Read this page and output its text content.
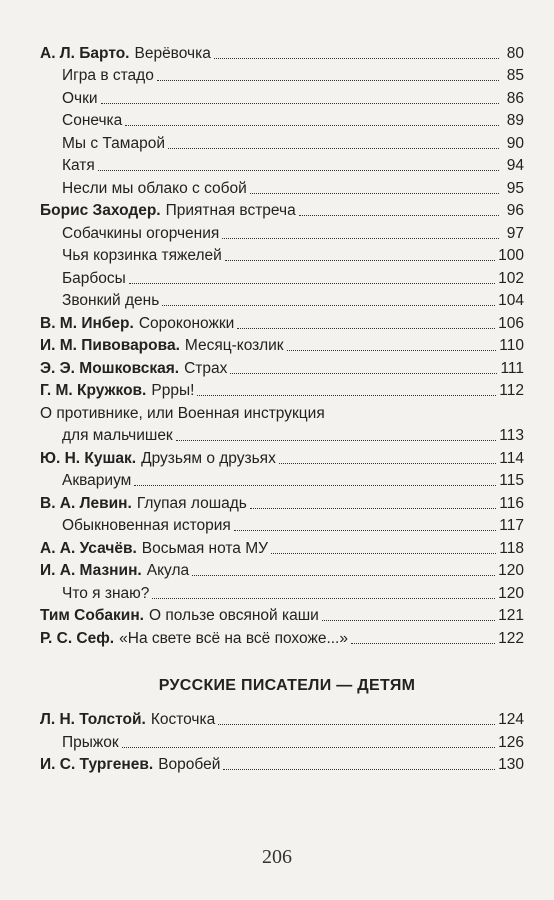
А. Л. Барто. Верёвочка	80
Игра в стадо	85
Очки	86
Сонечка	89
Мы с Тамарой	90
Катя	94
Несли мы облако с собой	95
Борис Заходер. Приятная встреча	96
Собачкины огорчения	97
Чья корзинка тяжелей	100
Барбосы	102
Звонкий день	104
В. М. Инбер. Сороконожки	106
И. М. Пивоварова. Месяц-козлик	110
Э. Э. Мошковская. Страх	111
Г. М. Кружков. Ррры!	112
О противнике, или Военная инструкция
для мальчишек	113
Ю. Н. Кушак. Друзьям о друзьях	114
Аквариум	115
В. А. Левин. Глупая лошадь	116
Обыкновенная история	117
А. А. Усачёв. Восьмая нота МУ	118
И. А. Мазнин. Акула	120
Что я знаю?	120
Тим Собакин. О пользе овсяной каши	121
Р. С. Сеф. «На свете всё на всё похоже...»	122
РУССКИЕ ПИСАТЕЛИ — ДЕТЯМ
Л. Н. Толстой. Косточка	124
Прыжок	126
И. С. Тургенев. Воробей	130
206
